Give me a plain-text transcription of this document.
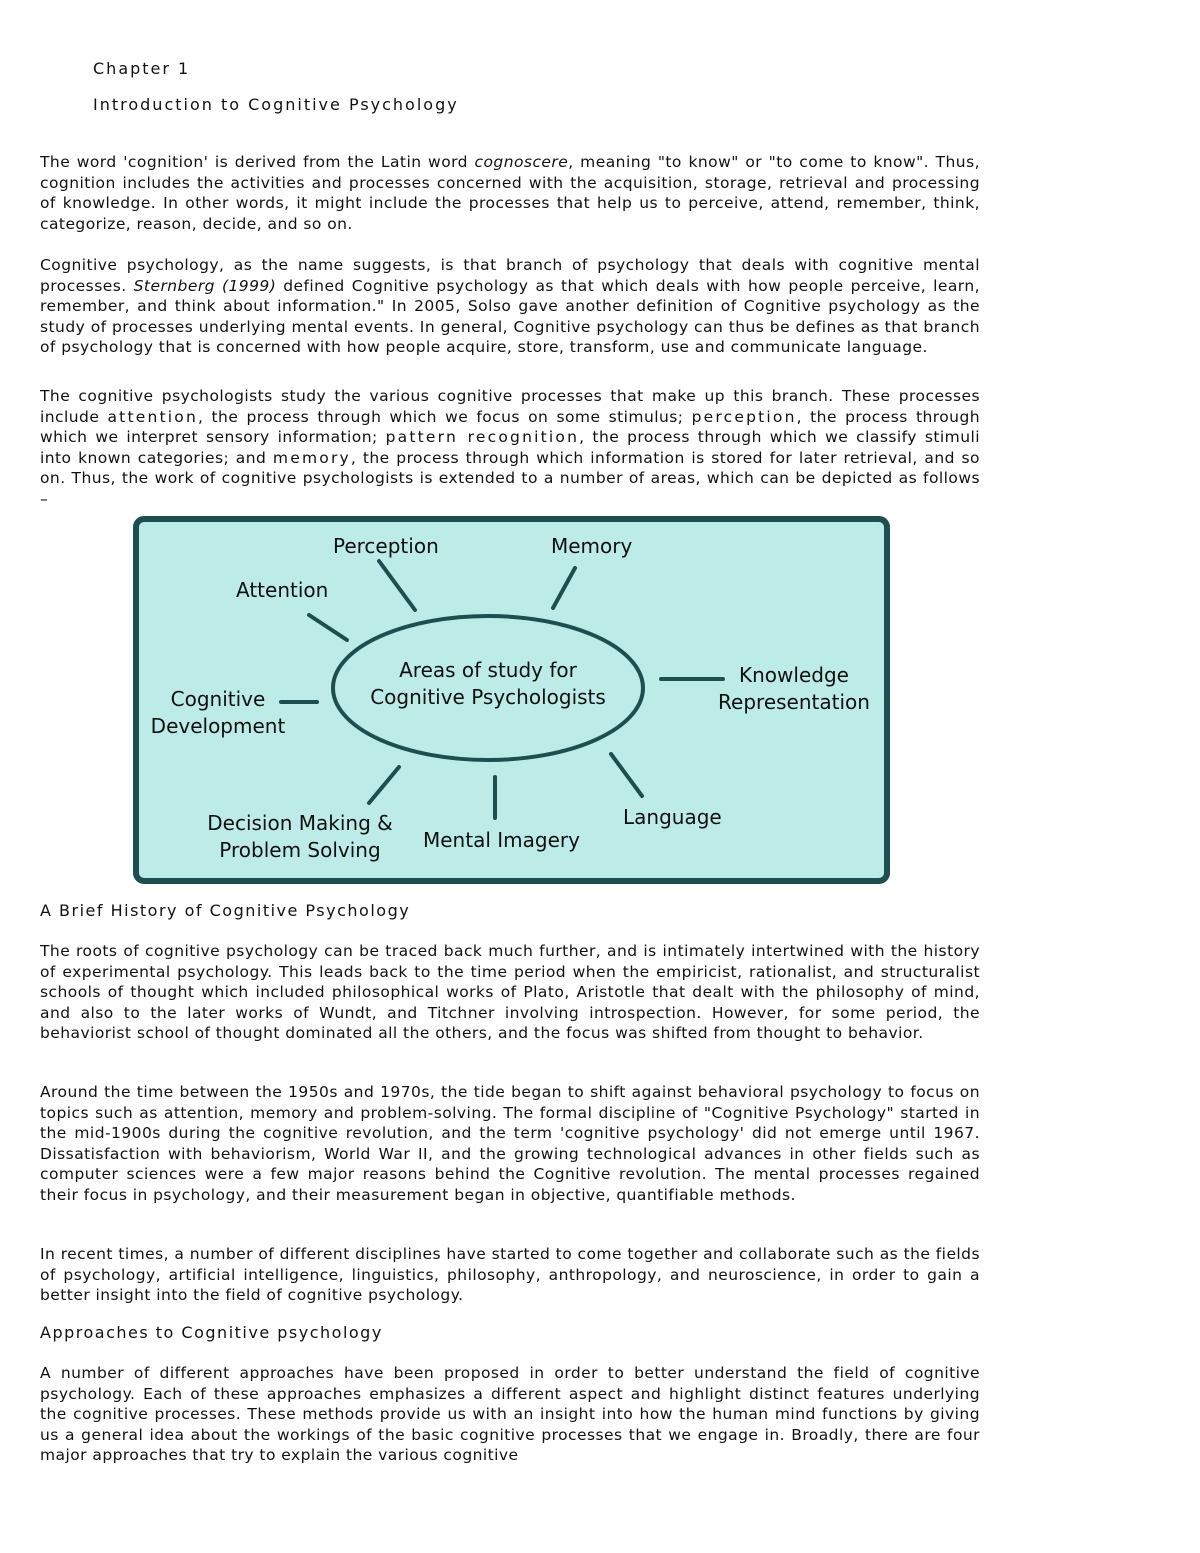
Chapter 1
Introduction to Cognitive Psychology

The word 'cognition' is derived from the Latin word cognoscere, meaning "to know" or "to come to know". Thus, cognition includes the activities and processes concerned with the acquisition, storage, retrieval and processing of knowledge. In other words, it might include the processes that help us to perceive, attend, remember, think, categorize, reason, decide, and so on.

Cognitive psychology, as the name suggests, is that branch of psychology that deals with cognitive mental processes. Sternberg (1999) defined Cognitive psychology as that which deals with how people perceive, learn, remember, and think about information." In 2005, Solso gave another definition of Cognitive psychology as the study of processes underlying mental events. In general, Cognitive psychology can thus be defines as that branch of psychology that is concerned with how people acquire, store, transform, use and communicate language.

The cognitive psychologists study the various cognitive processes that make up this branch. These processes include attention, the process through which we focus on some stimulus; perception, the process through which we interpret sensory information; pattern recognition, the process through which we classify stimuli into known categories; and memory, the process through which information is stored for later retrieval, and so on. Thus, the work of cognitive psychologists is extended to a number of areas, which can be depicted as follows –

Areas of study for
Cognitive Psychologists
Perception	Memory
Attention
Knowledge
Representation
Cognitive
Development
Decision Making &
Problem Solving	Mental Imagery
Language
A Brief History of Cognitive Psychology

The roots of cognitive psychology can be traced back much further, and is intimately intertwined with the history of experimental psychology. This leads back to the time period when the empiricist, rationalist, and structuralist schools of thought which included philosophical works of Plato, Aristotle that dealt with the philosophy of mind, and also to the later works of Wundt, and Titchner involving introspection. However, for some period, the behaviorist school of thought dominated all the others, and the focus was shifted from thought to behavior.

Around the time between the 1950s and 1970s, the tide began to shift against behavioral psychology to focus on topics such as attention, memory and problem-solving. The formal discipline of "Cognitive Psychology" started in the mid-1900s during the cognitive revolution, and the term 'cognitive psychology' did not emerge until 1967. Dissatisfaction with behaviorism, World War II, and the growing technological advances in other fields such as computer sciences were a few major reasons behind the Cognitive revolution. The mental processes regained their focus in psychology, and their measurement began in objective, quantifiable methods.

In recent times, a number of different disciplines have started to come together and collaborate such as the fields of psychology, artificial intelligence, linguistics, philosophy, anthropology, and neuroscience, in order to gain a better insight into the field of cognitive psychology.

Approaches to Cognitive psychology

A number of different approaches have been proposed in order to better understand the field of cognitive psychology. Each of these approaches emphasizes a different aspect and highlight distinct features underlying the cognitive processes. These methods provide us with an insight into how the human mind functions by giving us a general idea about the workings of the basic cognitive processes that we engage in. Broadly, there are four major approaches that try to explain the various cognitive
